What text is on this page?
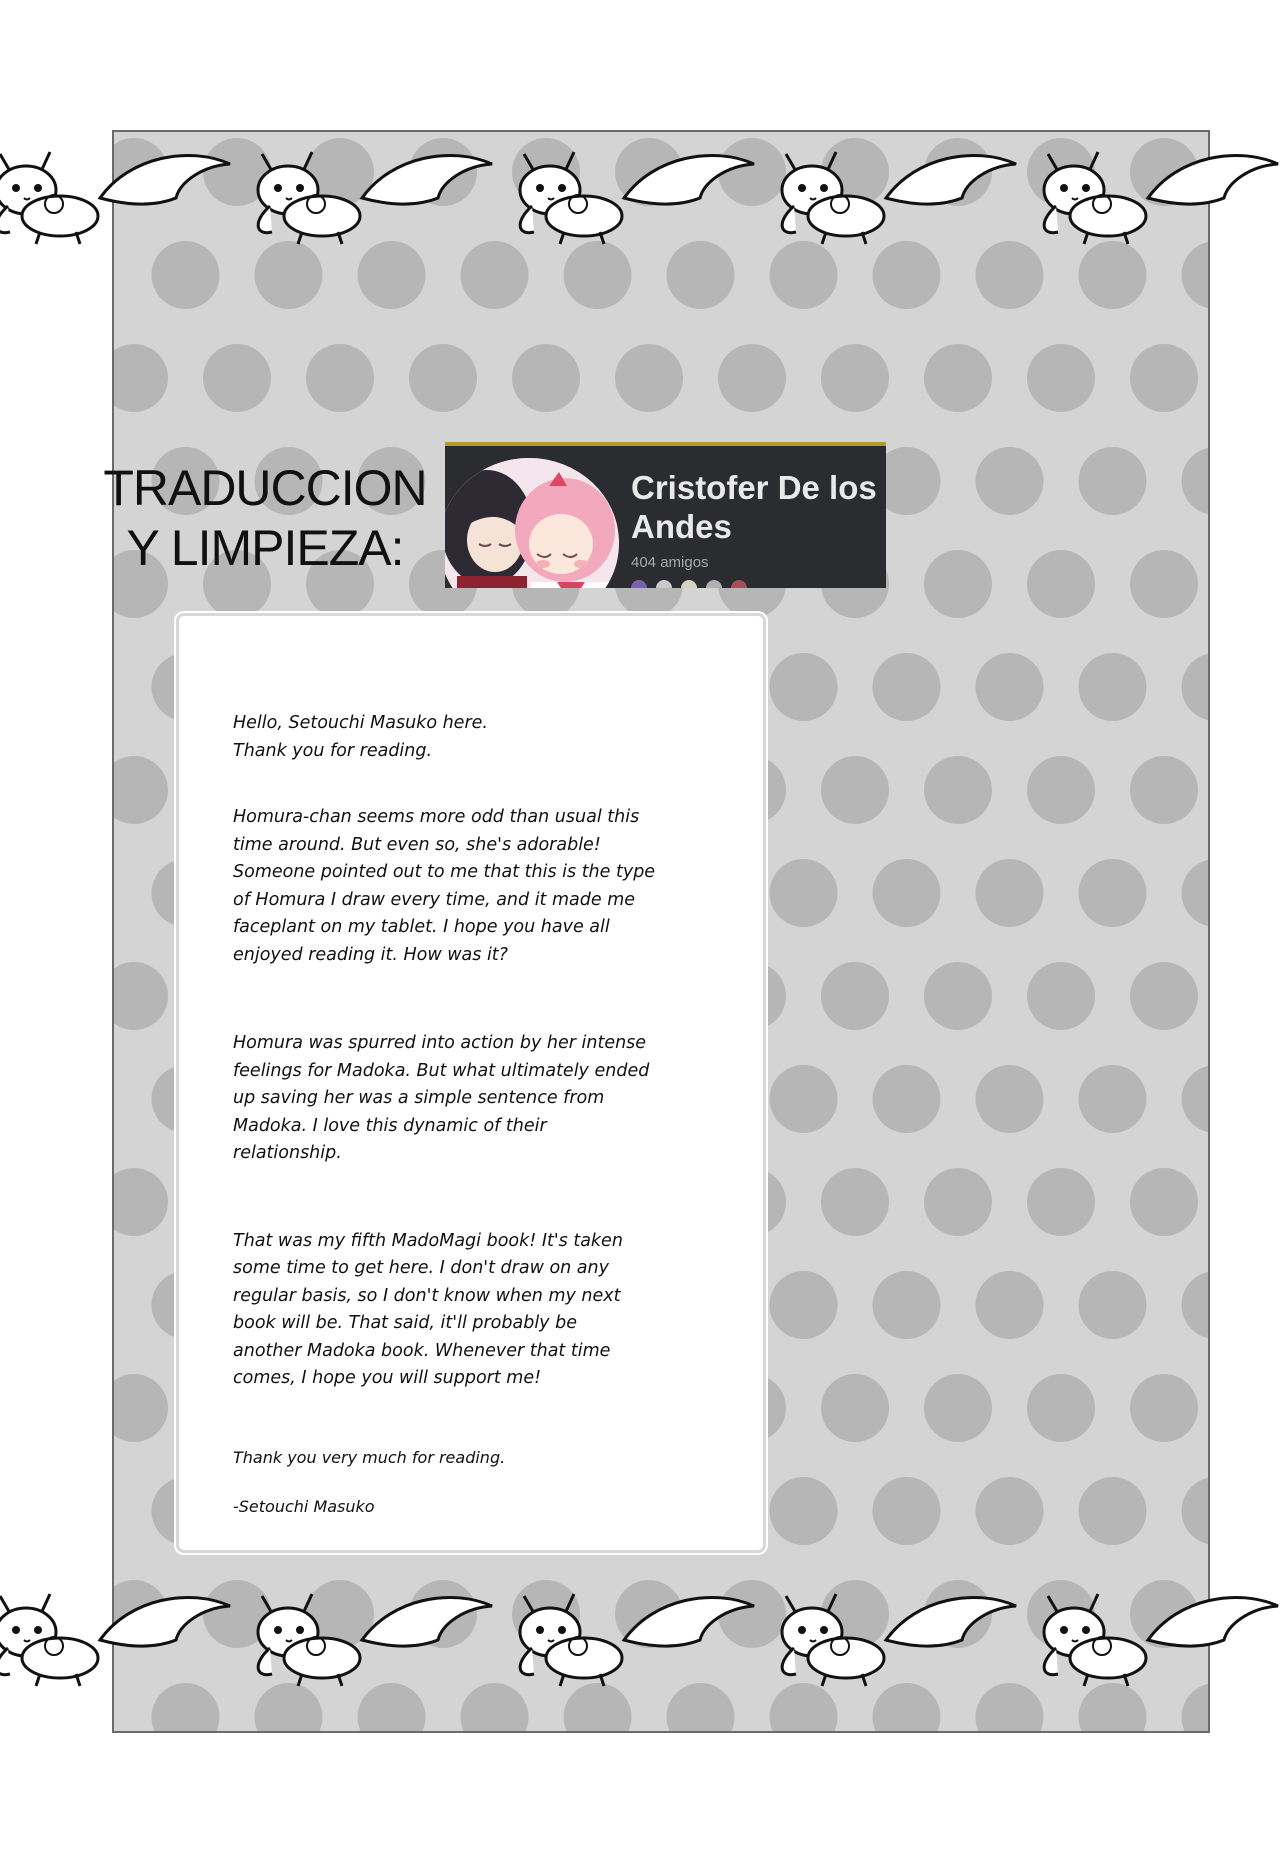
TRADUCCION
Y LIMPIEZA:
Cristofer De los Andes
404 amigos

Hello, Setouchi Masuko here.
Thank you for reading.

Homura-chan seems more odd than usual this
time around. But even so, she's adorable!
Someone pointed out to me that this is the type
of Homura I draw every time, and it made me
faceplant on my tablet. I hope you have all
enjoyed reading it. How was it?

Homura was spurred into action by her intense
feelings for Madoka. But what ultimately ended
up saving her was a simple sentence from
Madoka. I love this dynamic of their
relationship.

That was my fifth MadoMagi book! It's taken
some time to get here. I don't draw on any
regular basis, so I don't know when my next
book will be. That said, it'll probably be
another Madoka book. Whenever that time
comes, I hope you will support me!

Thank you very much for reading.

-Setouchi Masuko
